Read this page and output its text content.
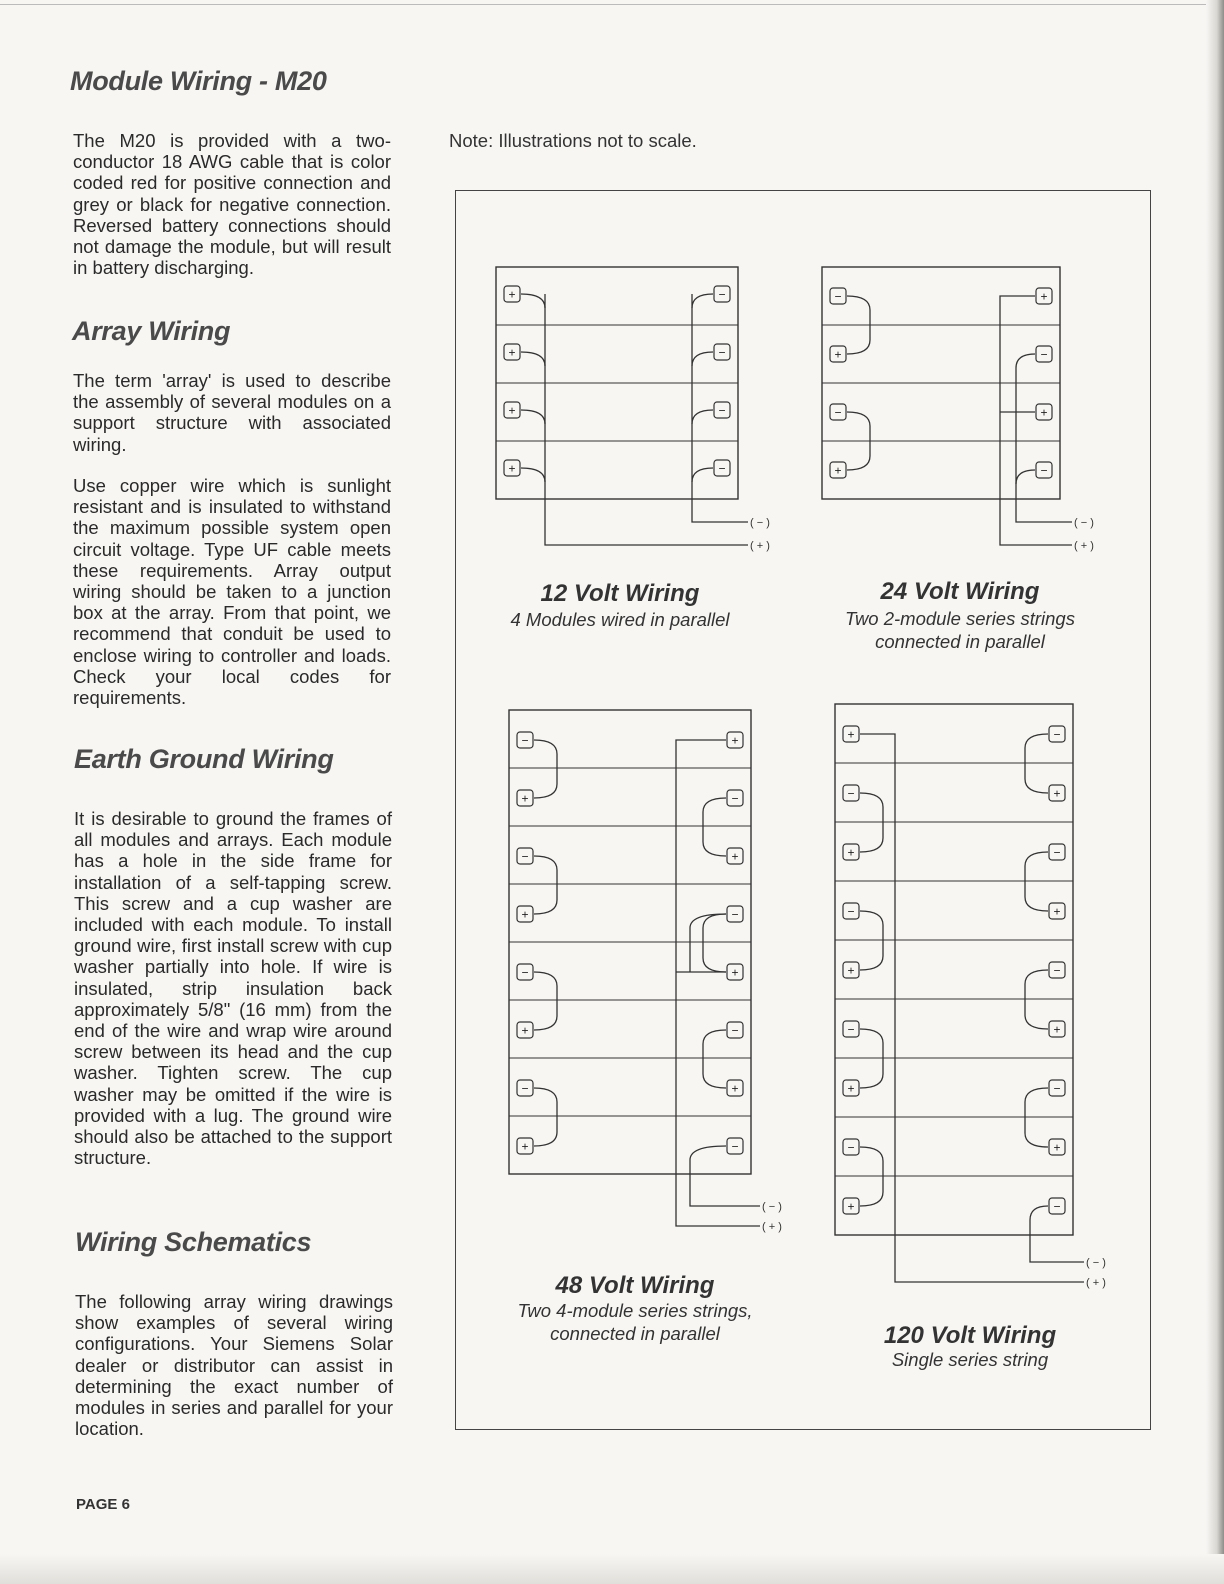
Module Wiring - M20

The M20 is provided with a two-conductor 18 AWG cable that is color coded red for positive connection and grey or black for negative connection. Reversed battery connections should not damage the module, but will result in battery discharging.

Array Wiring

The term 'array' is used to describe the assembly of several modules on a support structure with associated wiring.

Use copper wire which is sunlight resistant and is insulated to withstand the maximum possible system open circuit voltage. Type UF cable meets these requirements. Array output wiring should be taken to a junction box at the array. From that point, we recommend that conduit be used to enclose wiring to controller and loads. Check your local codes for requirements.

Earth Ground Wiring

It is desirable to ground the frames of all modules and arrays. Each module has a hole in the side frame for installation of a self-tapping screw. This screw and a cup washer are included with each module. To install ground wire, first install screw with cup washer partially into hole. If wire is insulated, strip insulation back approximately 5/8" (16 mm) from the end of the wire and wrap wire around screw between its head and the cup washer. Tighten screw. The cup washer may be omitted if the wire is provided with a lug. The ground wire should also be attached to the support structure.

Wiring Schematics

The following array wiring drawings show examples of several wiring configurations. Your Siemens Solar dealer or distributor can assist in determining the exact number of modules in series and parallel for your location.

Note: Illustrations not to scale.
+	−
+	−
+	−
+	−
( − )
( + )
−	+
+	−
−	+
+	−
( − )
( + )
−	+
+	−
−	+
+	−
−	+
+	−
−	+
+	−
( − )
( + )
+	−
−	+
+	−
−	+
+	−
−	+
+	−
−	+
+	−
( − )
( + )
12 Volt Wiring
4 Modules wired in parallel
24 Volt Wiring
Two 2-module series strings connected in parallel
48 Volt Wiring
Two 4-module series strings, connected in parallel	120 Volt Wiring
Single series string
PAGE 6
